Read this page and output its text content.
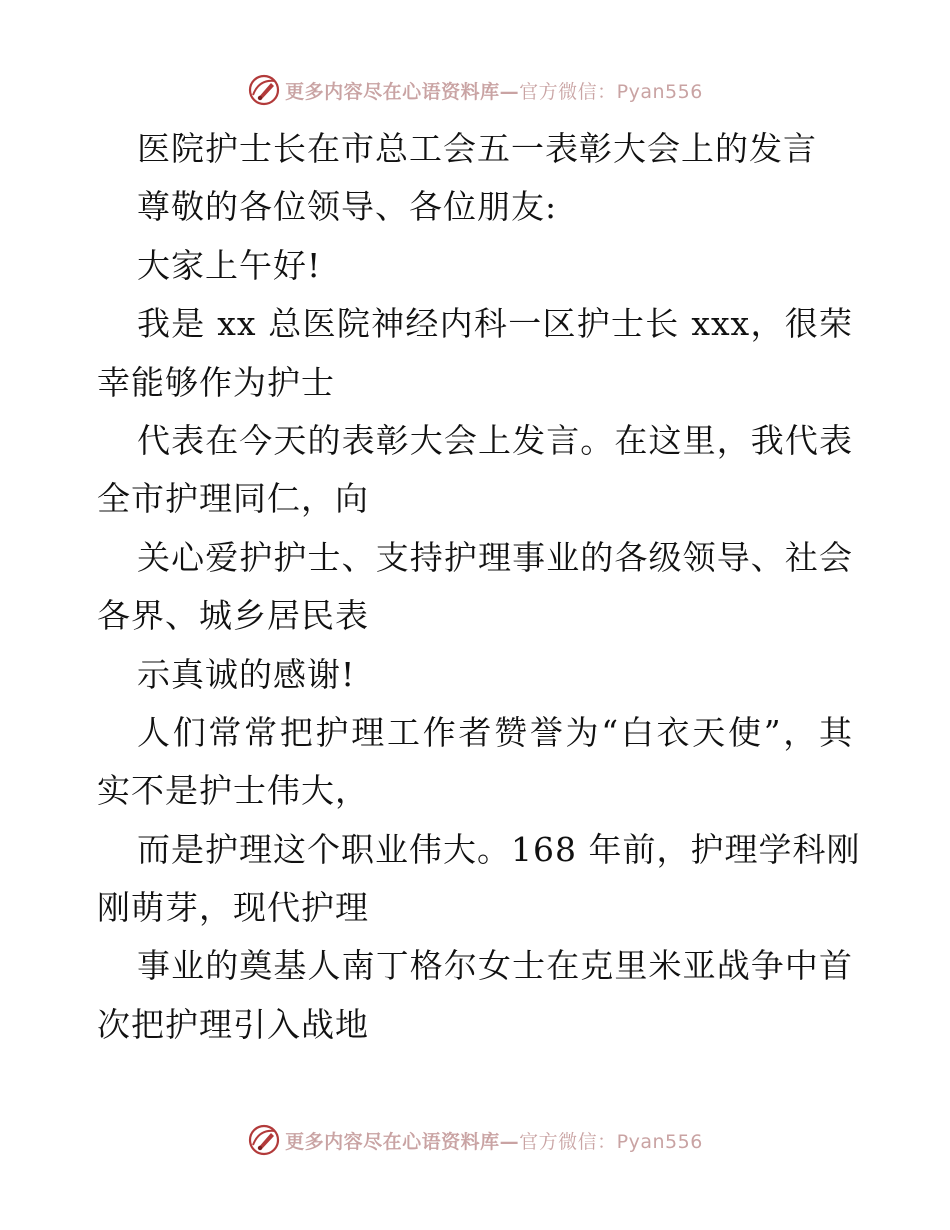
更多内容尽在心语资料库—官方微信：Pyan556
医院护士长在市总工会五一表彰大会上的发言
尊敬的各位领导、各位朋友:
大家上午好!
我是 xx 总医院神经内科一区护士长 xxx，很荣
幸能够作为护士
代表在今天的表彰大会上发言。在这里，我代表
全市护理同仁，向
关心爱护护士、支持护理事业的各级领导、社会
各界、城乡居民表
示真诚的感谢!
人们常常把护理工作者赞誉为“白衣天使”，其
实不是护士伟大，
而是护理这个职业伟大。168 年前，护理学科刚
刚萌芽，现代护理
事业的奠基人南丁格尔女士在克里米亚战争中首
次把护理引入战地
更多内容尽在心语资料库—官方微信：Pyan556
